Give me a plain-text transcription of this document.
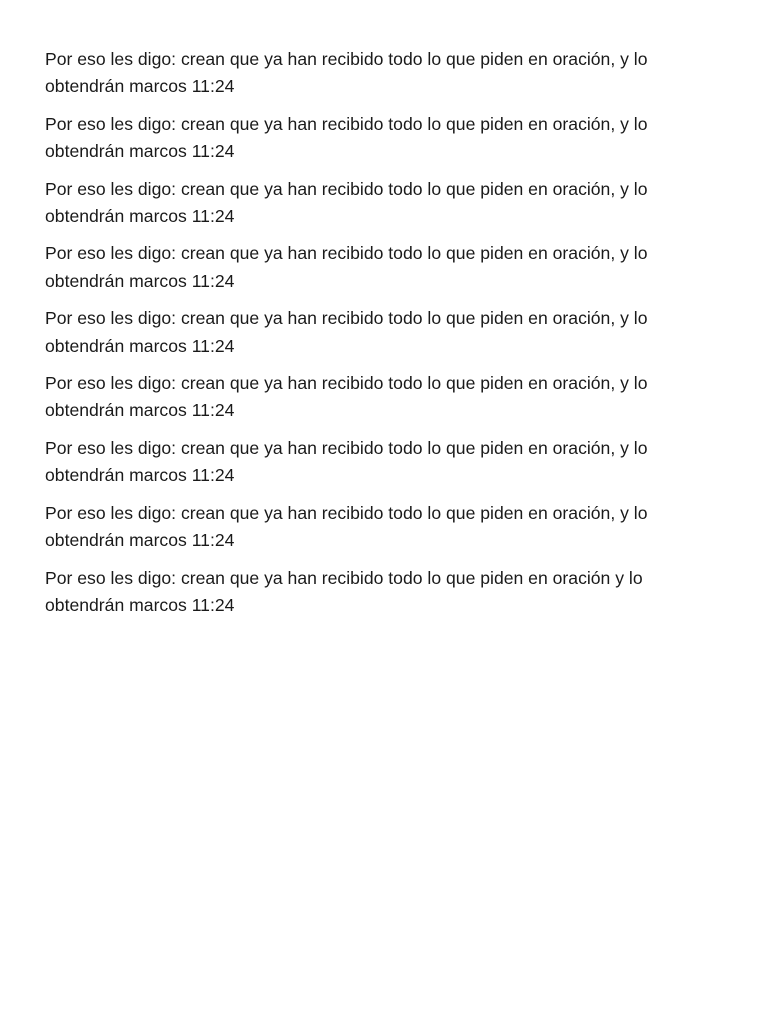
Por eso les digo: crean que ya han recibido todo lo que piden en oración, y lo obtendrán marcos 11:24

Por eso les digo: crean que ya han recibido todo lo que piden en oración, y lo obtendrán marcos 11:24

Por eso les digo: crean que ya han recibido todo lo que piden en oración, y lo obtendrán marcos 11:24

Por eso les digo: crean que ya han recibido todo lo que piden en oración, y lo obtendrán marcos 11:24

Por eso les digo: crean que ya han recibido todo lo que piden en oración, y lo obtendrán marcos 11:24

Por eso les digo: crean que ya han recibido todo lo que piden en oración, y lo obtendrán marcos 11:24

Por eso les digo: crean que ya han recibido todo lo que piden en oración, y lo obtendrán marcos 11:24

Por eso les digo: crean que ya han recibido todo lo que piden en oración, y lo obtendrán marcos 11:24

Por eso les digo: crean que ya han recibido todo lo que piden en oración y lo obtendrán marcos 11:24
